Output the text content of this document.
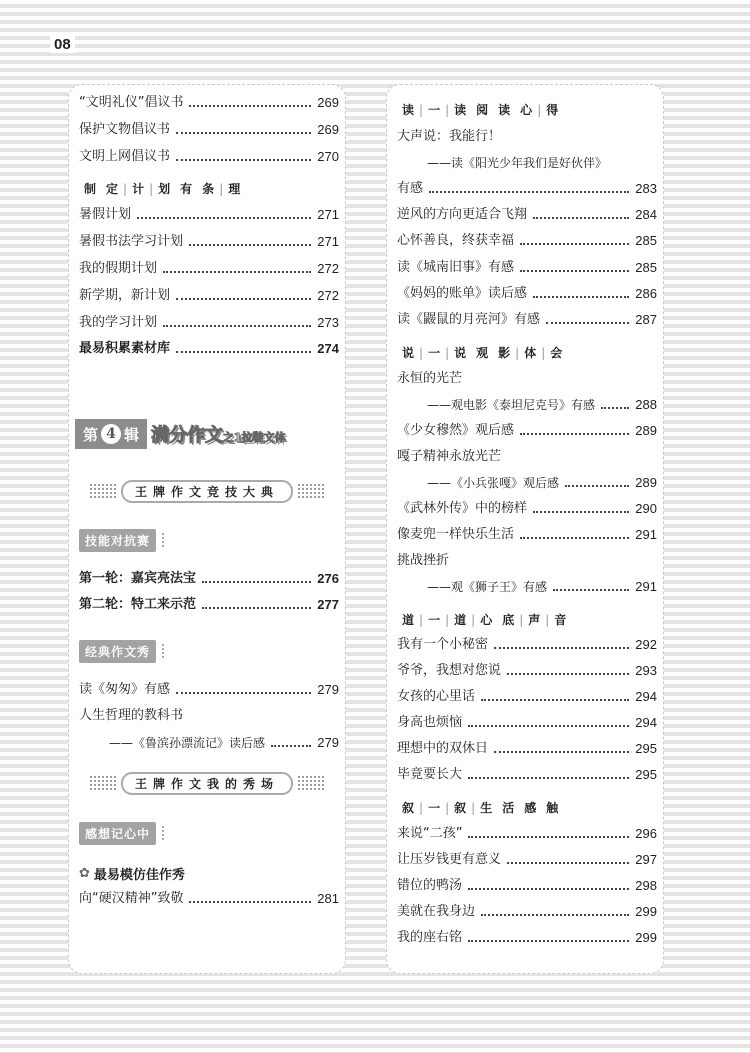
08
“文明礼仪”倡议书	269
保护文物倡议书	269
文明上网倡议书	270
制 定 | 计 | 划 有 条 | 理
暑假计划	271
暑假书法学习计划	271
我的假期计划	272
新学期，新计划	272
我的学习计划	273
最易积累素材库	274
第 4 辑 满分作文之1拉鞋文体
王牌作文竞技大典
技能对抗赛
第一轮：嘉宾亮法宝	276
第二轮：特工来示范	277
经典作文秀
读《匆匆》有感	279
人生哲理的教科书
——《鲁滨孙漂流记》读后感	279
王牌作文我的秀场
感想记心中
✿ 最易模仿佳作秀
向“硬汉精神”致敬	281
读 | 一 | 读 阅 读 心 | 得
大声说：我能行！
——读《阳光少年我们是好伙伴》
有感	283
逆风的方向更适合飞翔	284
心怀善良，终获幸福	285
读《城南旧事》有感	285
《妈妈的账单》读后感	286
读《鼹鼠的月亮河》有感	287
说 | 一 | 说 观 影 | 体 | 会
永恒的光芒
——观电影《泰坦尼克号》有感	288
《少女穆然》观后感	289
嘎子精神永放光芒
——《小兵张嘎》观后感	289
《武林外传》中的榜样	290
像麦兜一样快乐生活	291
挑战挫折
——观《狮子王》有感	291
道 | 一 | 道 | 心 底 | 声 | 音
我有一个小秘密	292
爷爷，我想对您说	293
女孩的心里话	294
身高也烦恼	294
理想中的双休日	295
毕竟要长大	295
叙 | 一 | 叙 | 生 活 感 触
来说“二孩”	296
让压岁钱更有意义	297
错位的鸭汤	298
美就在我身边	299
我的座右铭	299
